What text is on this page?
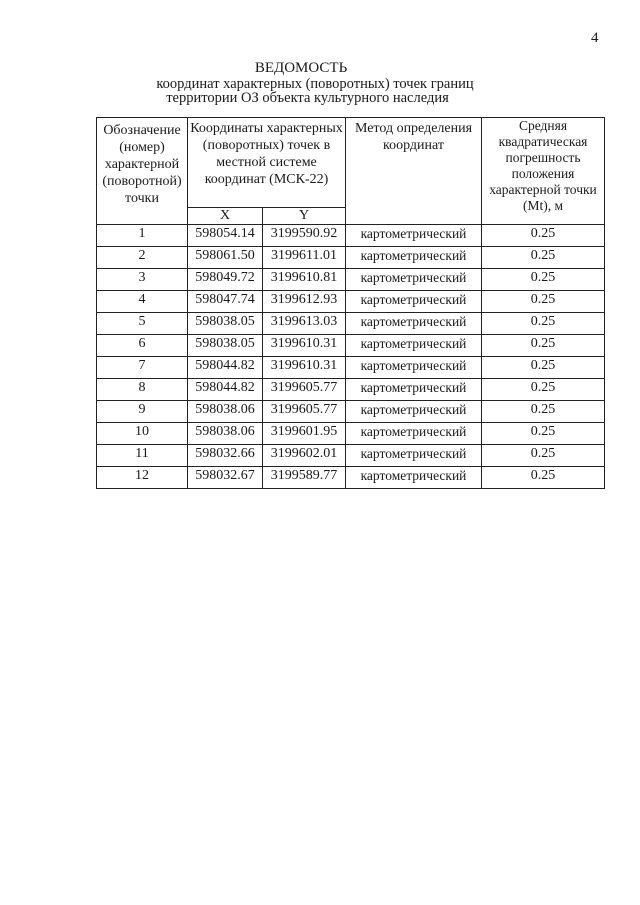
4
ВЕДОМОСТЬ
координат характерных (поворотных) точек границ
территории ОЗ объекта культурного наследия
Обозначение (номер) характерной (поворотной) точки	Координаты характерных (поворотных) точек в местной системе координат (МСК-22)		Метод определения координат	Средняя квадратическая погрешность положения характерной точки (Mt), м
	X	Y		
1	598054.14	3199590.92	картометрический	0.25
2	598061.50	3199611.01	картометрический	0.25
3	598049.72	3199610.81	картометрический	0.25
4	598047.74	3199612.93	картометрический	0.25
5	598038.05	3199613.03	картометрический	0.25
6	598038.05	3199610.31	картометрический	0.25
7	598044.82	3199610.31	картометрический	0.25
8	598044.82	3199605.77	картометрический	0.25
9	598038.06	3199605.77	картометрический	0.25
10	598038.06	3199601.95	картометрический	0.25
11	598032.66	3199602.01	картометрический	0.25
12	598032.67	3199589.77	картометрический	0.25
